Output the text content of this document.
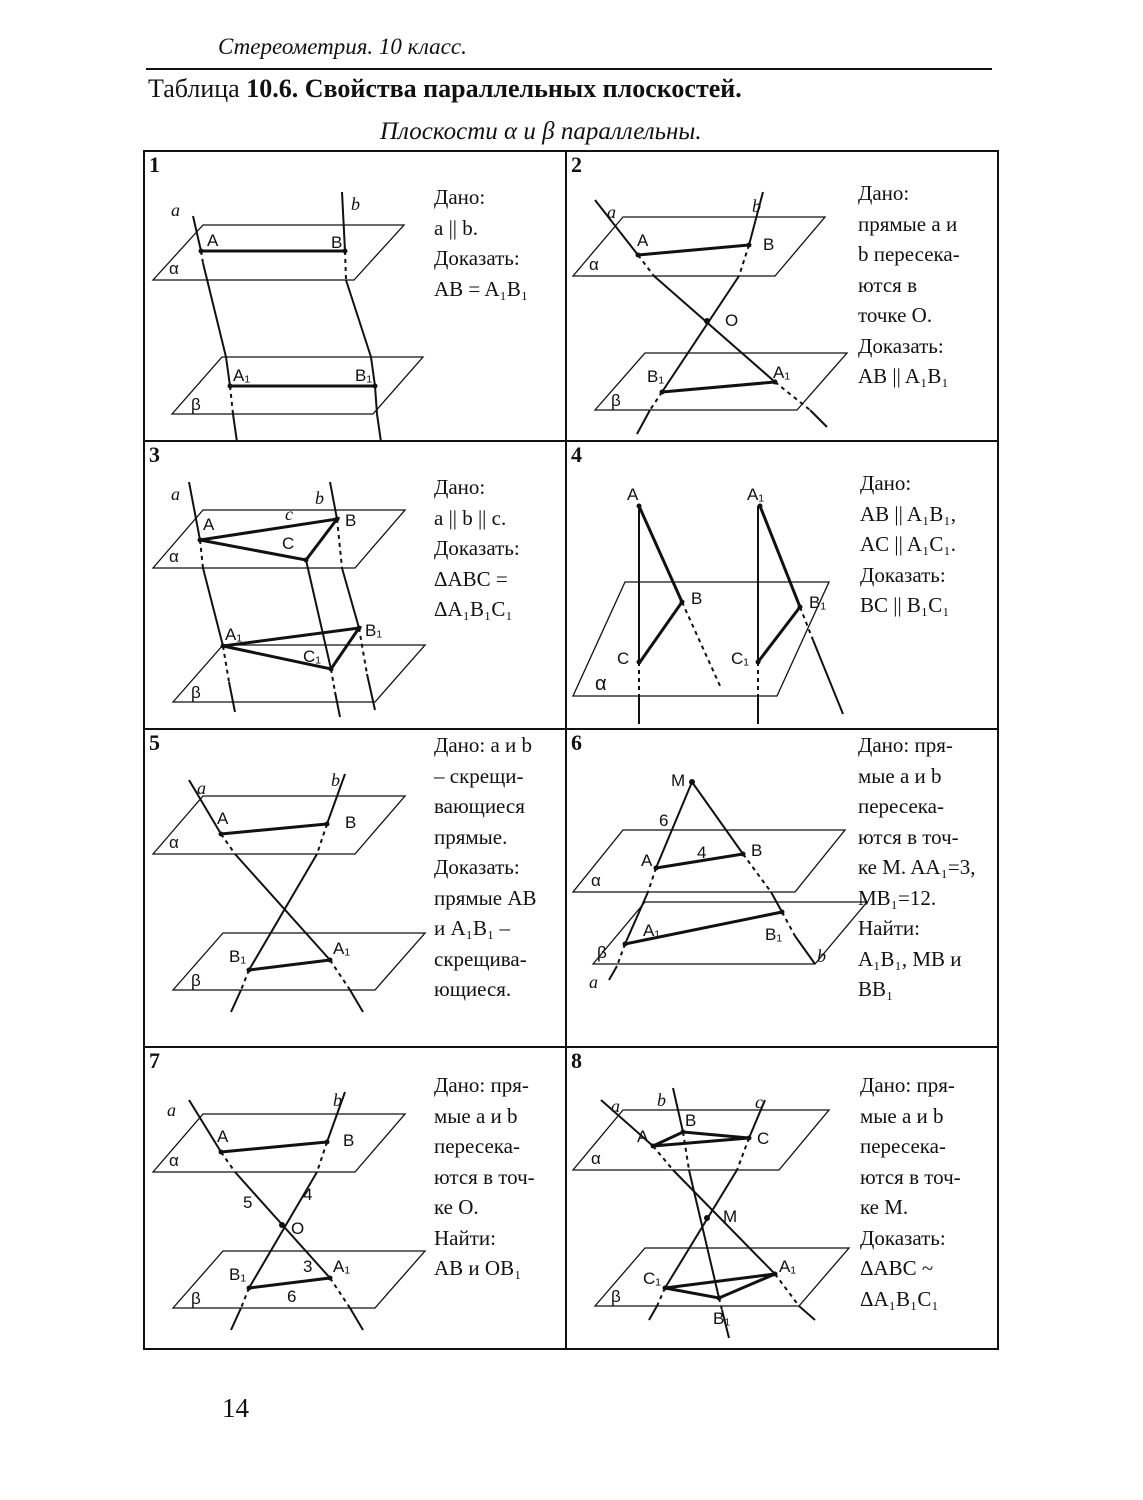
Стереометрия. 10 класс.
Таблица 10.6. Свойства параллельных плоскостей.
Плоскости α и β параллельны.
a	b
A	B
α
A₁	B₁
β
1
Дано:
a || b.
Доказать:
AB = A₁B₁
a	b
A	B
O
α
B₁	A₁
β
2
Дано:
прямые a и
b пересека-
ются в
точке O.
Доказать:
AB || A₁B₁
a	b
c
A	B
C
α
A₁	B₁
C₁
β
3
Дано:
a || b || c.
Доказать:
ΔABC =
ΔA₁B₁C₁
A	A₁
B	B₁
C	C₁
α
4
Дано:
AB || A₁B₁,
AC || A₁C₁.
Доказать:
BC || B₁C₁
a	b
A	B
α
B₁	A₁
β
5	Дано: a и b
– скрещи-
вающиеся
прямые.
Доказать:
прямые AB
и A₁B₁ –
скрещива-
ющиеся.
M
6
4
A
B
α
A₁	B₁
b
β
a
6	Дано: пря-
мые a и b
пересека-
ются в точ-
ке M. AA₁=3,
MB₁=12.
Найти:
A₁B₁, MB и
BB₁
a	b
A	B
α
5	4
O
B₁	3 A₁
6
β
7
Дано: пря-
мые a и b
пересека-
ются в точ-
ке O.
Найти:
AB и OB₁
a b	c
A
B
C
α
M
C₁
A₁
B₁
β
8
Дано: пря-
мые a и b
пересека-
ются в точ-
ке M.
Доказать:
ΔABC ~
ΔA₁B₁C₁
14
